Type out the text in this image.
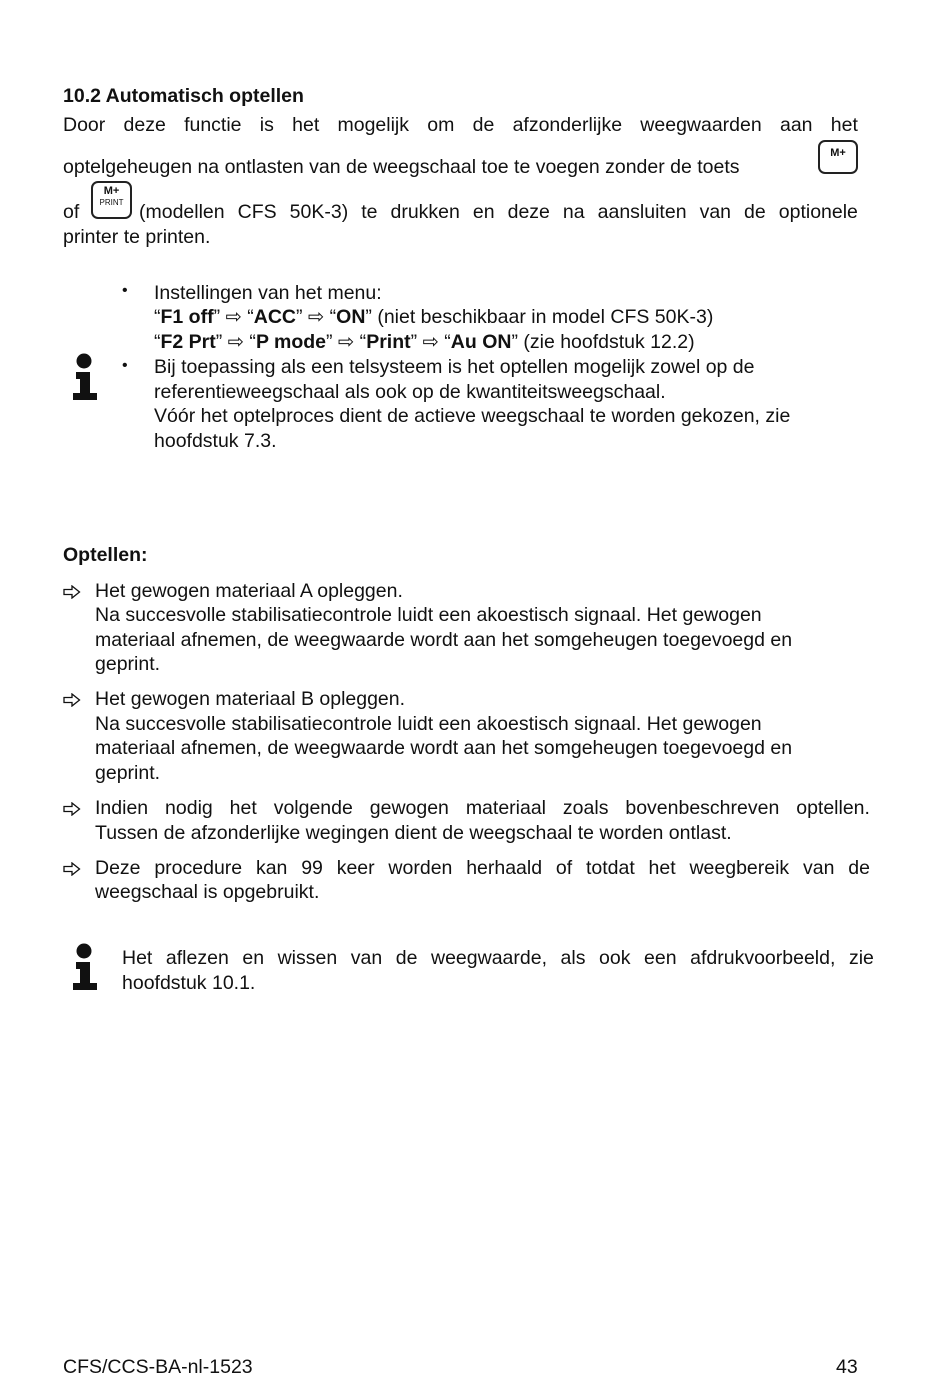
10.2 Automatisch optellen
Door deze functie is het mogelijk om de afzonderlijke weegwaarden aan het
optelgeheugen na ontlasten van de weegschaal toe te voegen zonder de toets
M+
of
M+
PRINT (modellen CFS 50K-3) te drukken en deze na aansluiten van de optionele
printer te printen.
• Instellingen van het menu:
“F1 off” ⇨ “ACC” ⇨ “ON” (niet beschikbaar in model CFS 50K-3)
“F2 Prt” ⇨ “P mode” ⇨ “Print” ⇨ “Au ON” (zie hoofdstuk 12.2)
• Bij toepassing als een telsysteem is het optellen mogelijk zowel op de
referentieweegschaal als ook op de kwantiteitsweegschaal.
Vóór het optelproces dient de actieve weegschaal te worden gekozen, zie
hoofdstuk 7.3.
Optellen:
Het gewogen materiaal A opleggen.
Na succesvolle stabilisatiecontrole luidt een akoestisch signaal. Het gewogen
materiaal afnemen, de weegwaarde wordt aan het somgeheugen toegevoegd en
geprint.
Het gewogen materiaal B opleggen.
Na succesvolle stabilisatiecontrole luidt een akoestisch signaal. Het gewogen
materiaal afnemen, de weegwaarde wordt aan het somgeheugen toegevoegd en
geprint.
Indien nodig het volgende gewogen materiaal zoals bovenbeschreven optellen.
Tussen de afzonderlijke wegingen dient de weegschaal te worden ontlast.
Deze procedure kan 99 keer worden herhaald of totdat het weegbereik van de
weegschaal is opgebruikt.
Het aflezen en wissen van de weegwaarde, als ook een afdrukvoorbeeld, zie
hoofdstuk 10.1.
CFS/CCS-BA-nl-1523	43
